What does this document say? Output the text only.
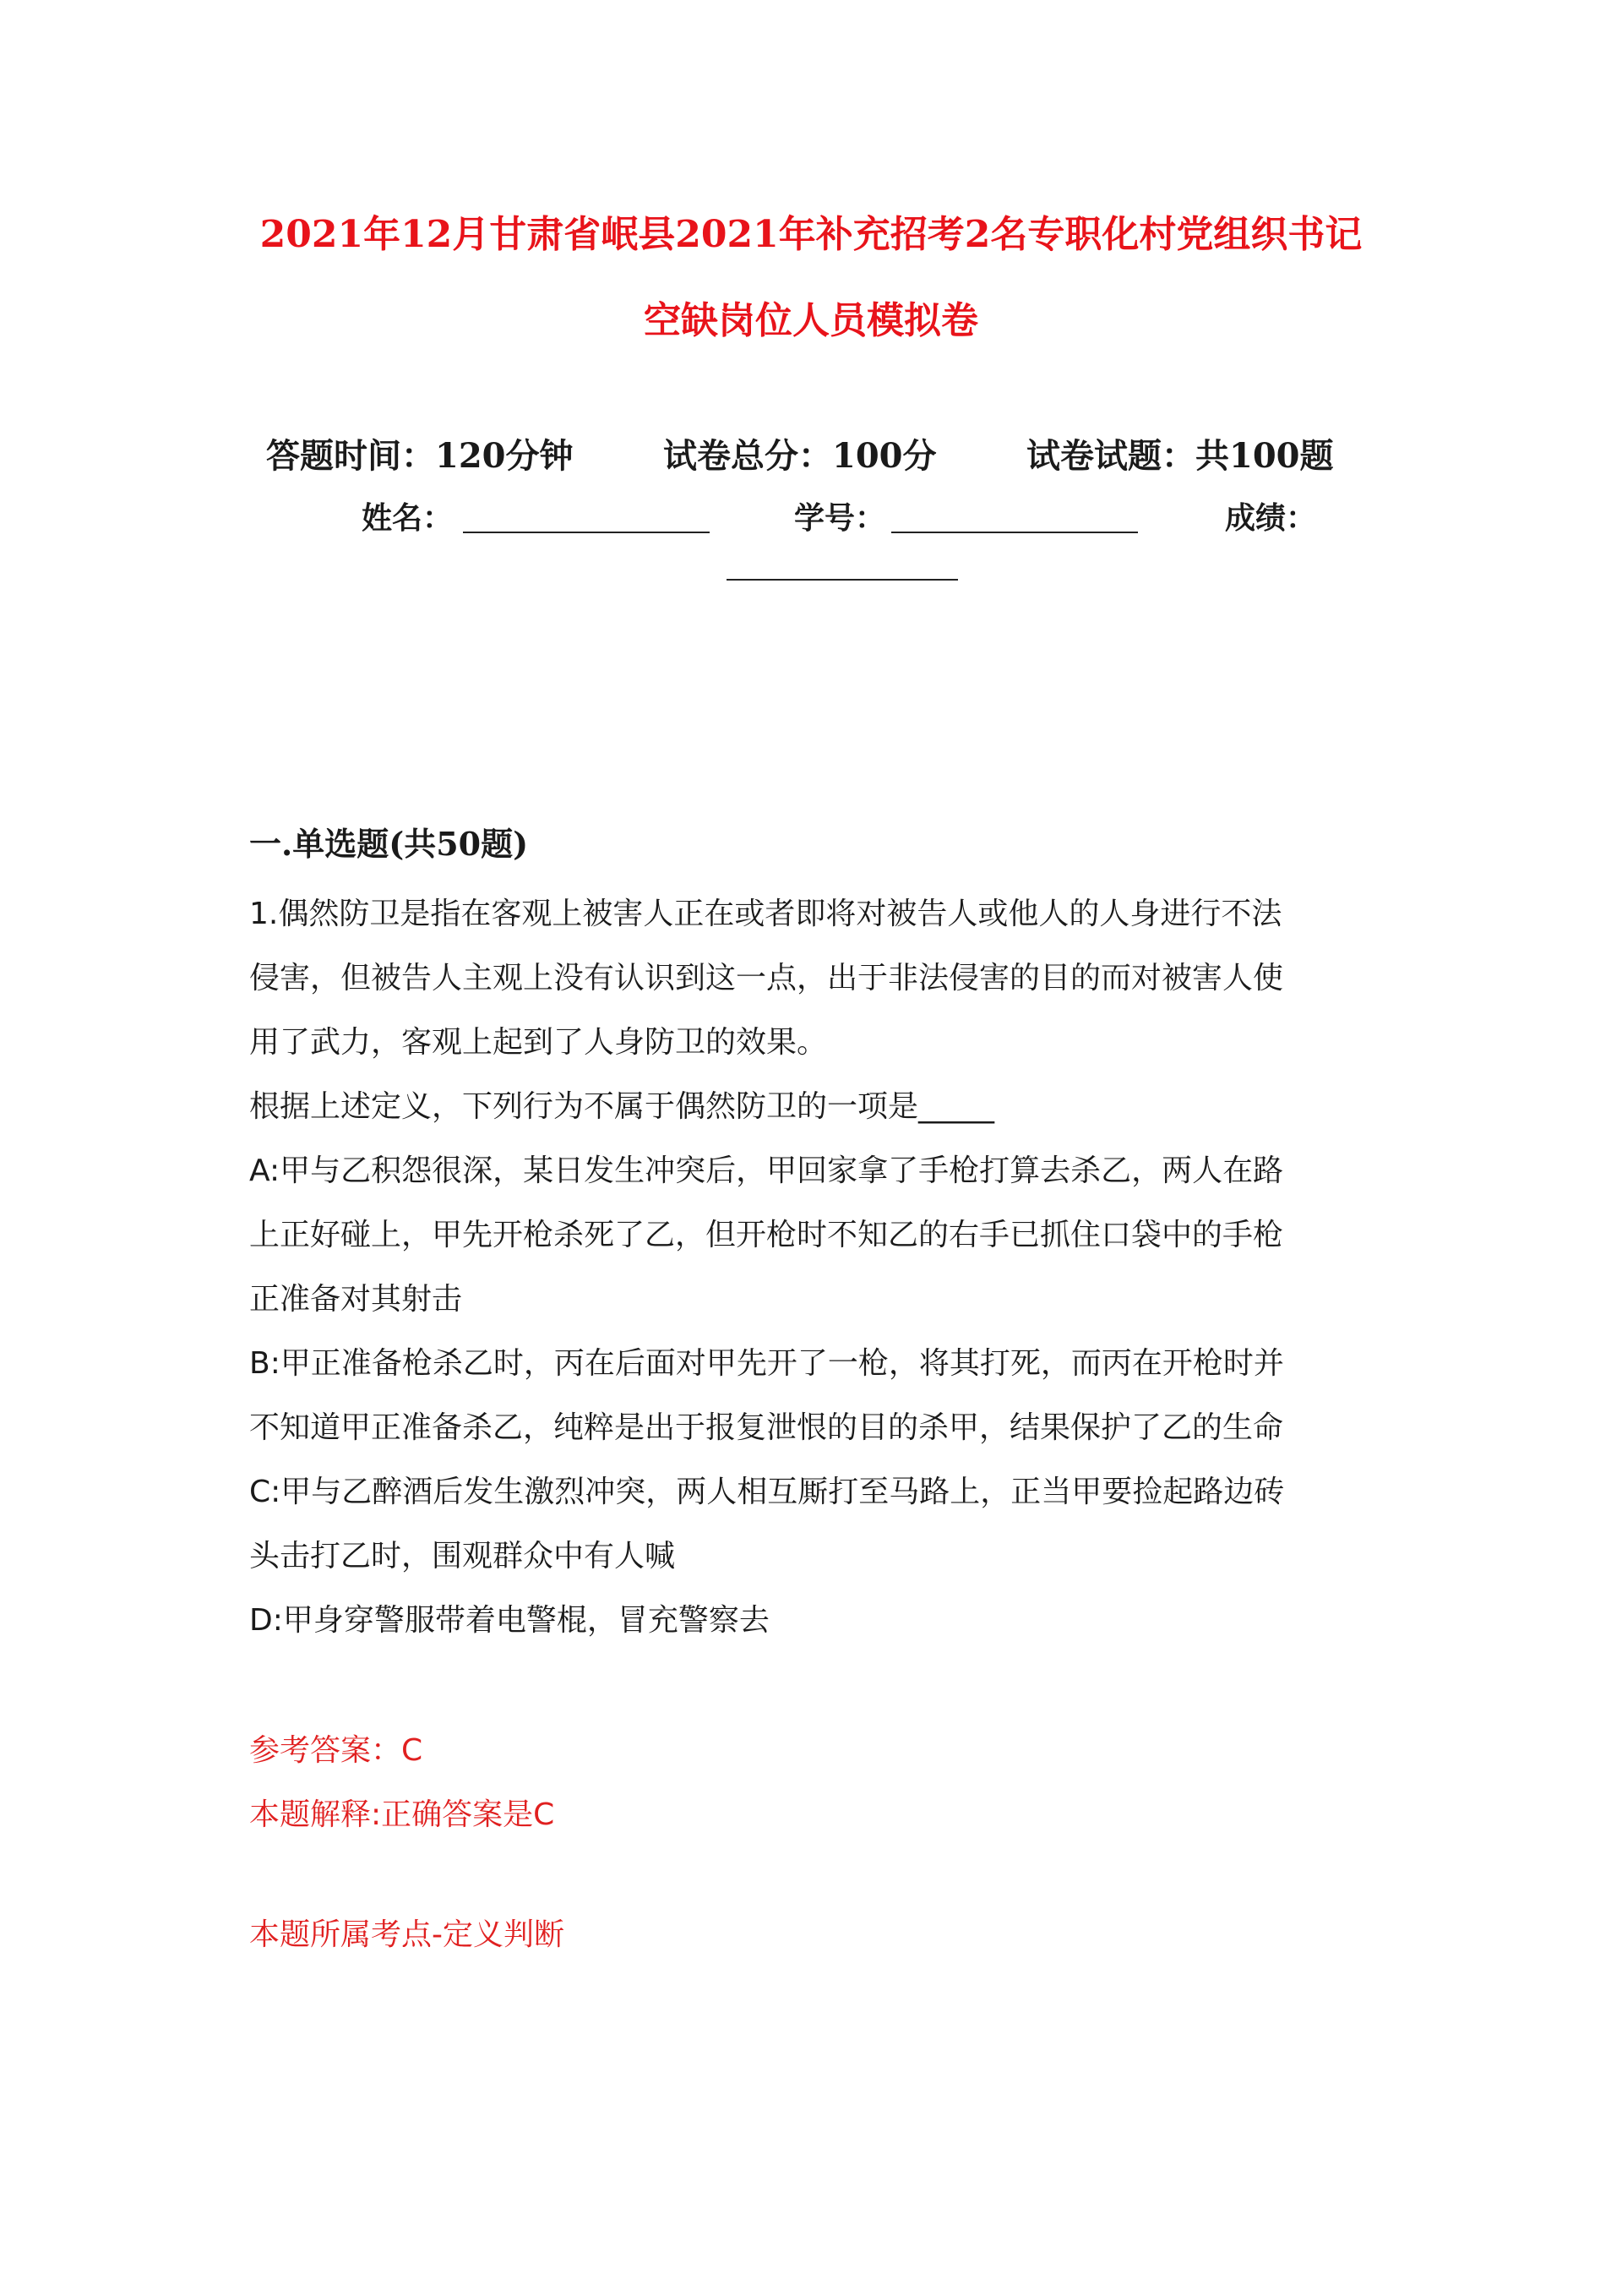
2021年12月甘肃省岷县2021年补充招考2名专职化村党组织书记
空缺岗位人员模拟卷
答题时间：120分钟	试卷总分：100分	试卷试题：共100题
姓名：	学号：	成绩：
一.单选题(共50题)
1.偶然防卫是指在客观上被害人正在或者即将对被告人或他人的人身进行不法
侵害，但被告人主观上没有认识到这一点，出于非法侵害的目的而对被害人使
用了武力，客观上起到了人身防卫的效果。
根据上述定义，下列行为不属于偶然防卫的一项是_____
A:甲与乙积怨很深，某日发生冲突后，甲回家拿了手枪打算去杀乙，两人在路
上正好碰上，甲先开枪杀死了乙，但开枪时不知乙的右手已抓住口袋中的手枪
正准备对其射击
B:甲正准备枪杀乙时，丙在后面对甲先开了一枪，将其打死，而丙在开枪时并
不知道甲正准备杀乙，纯粹是出于报复泄恨的目的杀甲，结果保护了乙的生命
C:甲与乙醉酒后发生激烈冲突，两人相互厮打至马路上，正当甲要捡起路边砖
头击打乙时，围观群众中有人喊
D:甲身穿警服带着电警棍，冒充警察去
参考答案：C
本题解释:正确答案是C
本题所属考点-定义判断
